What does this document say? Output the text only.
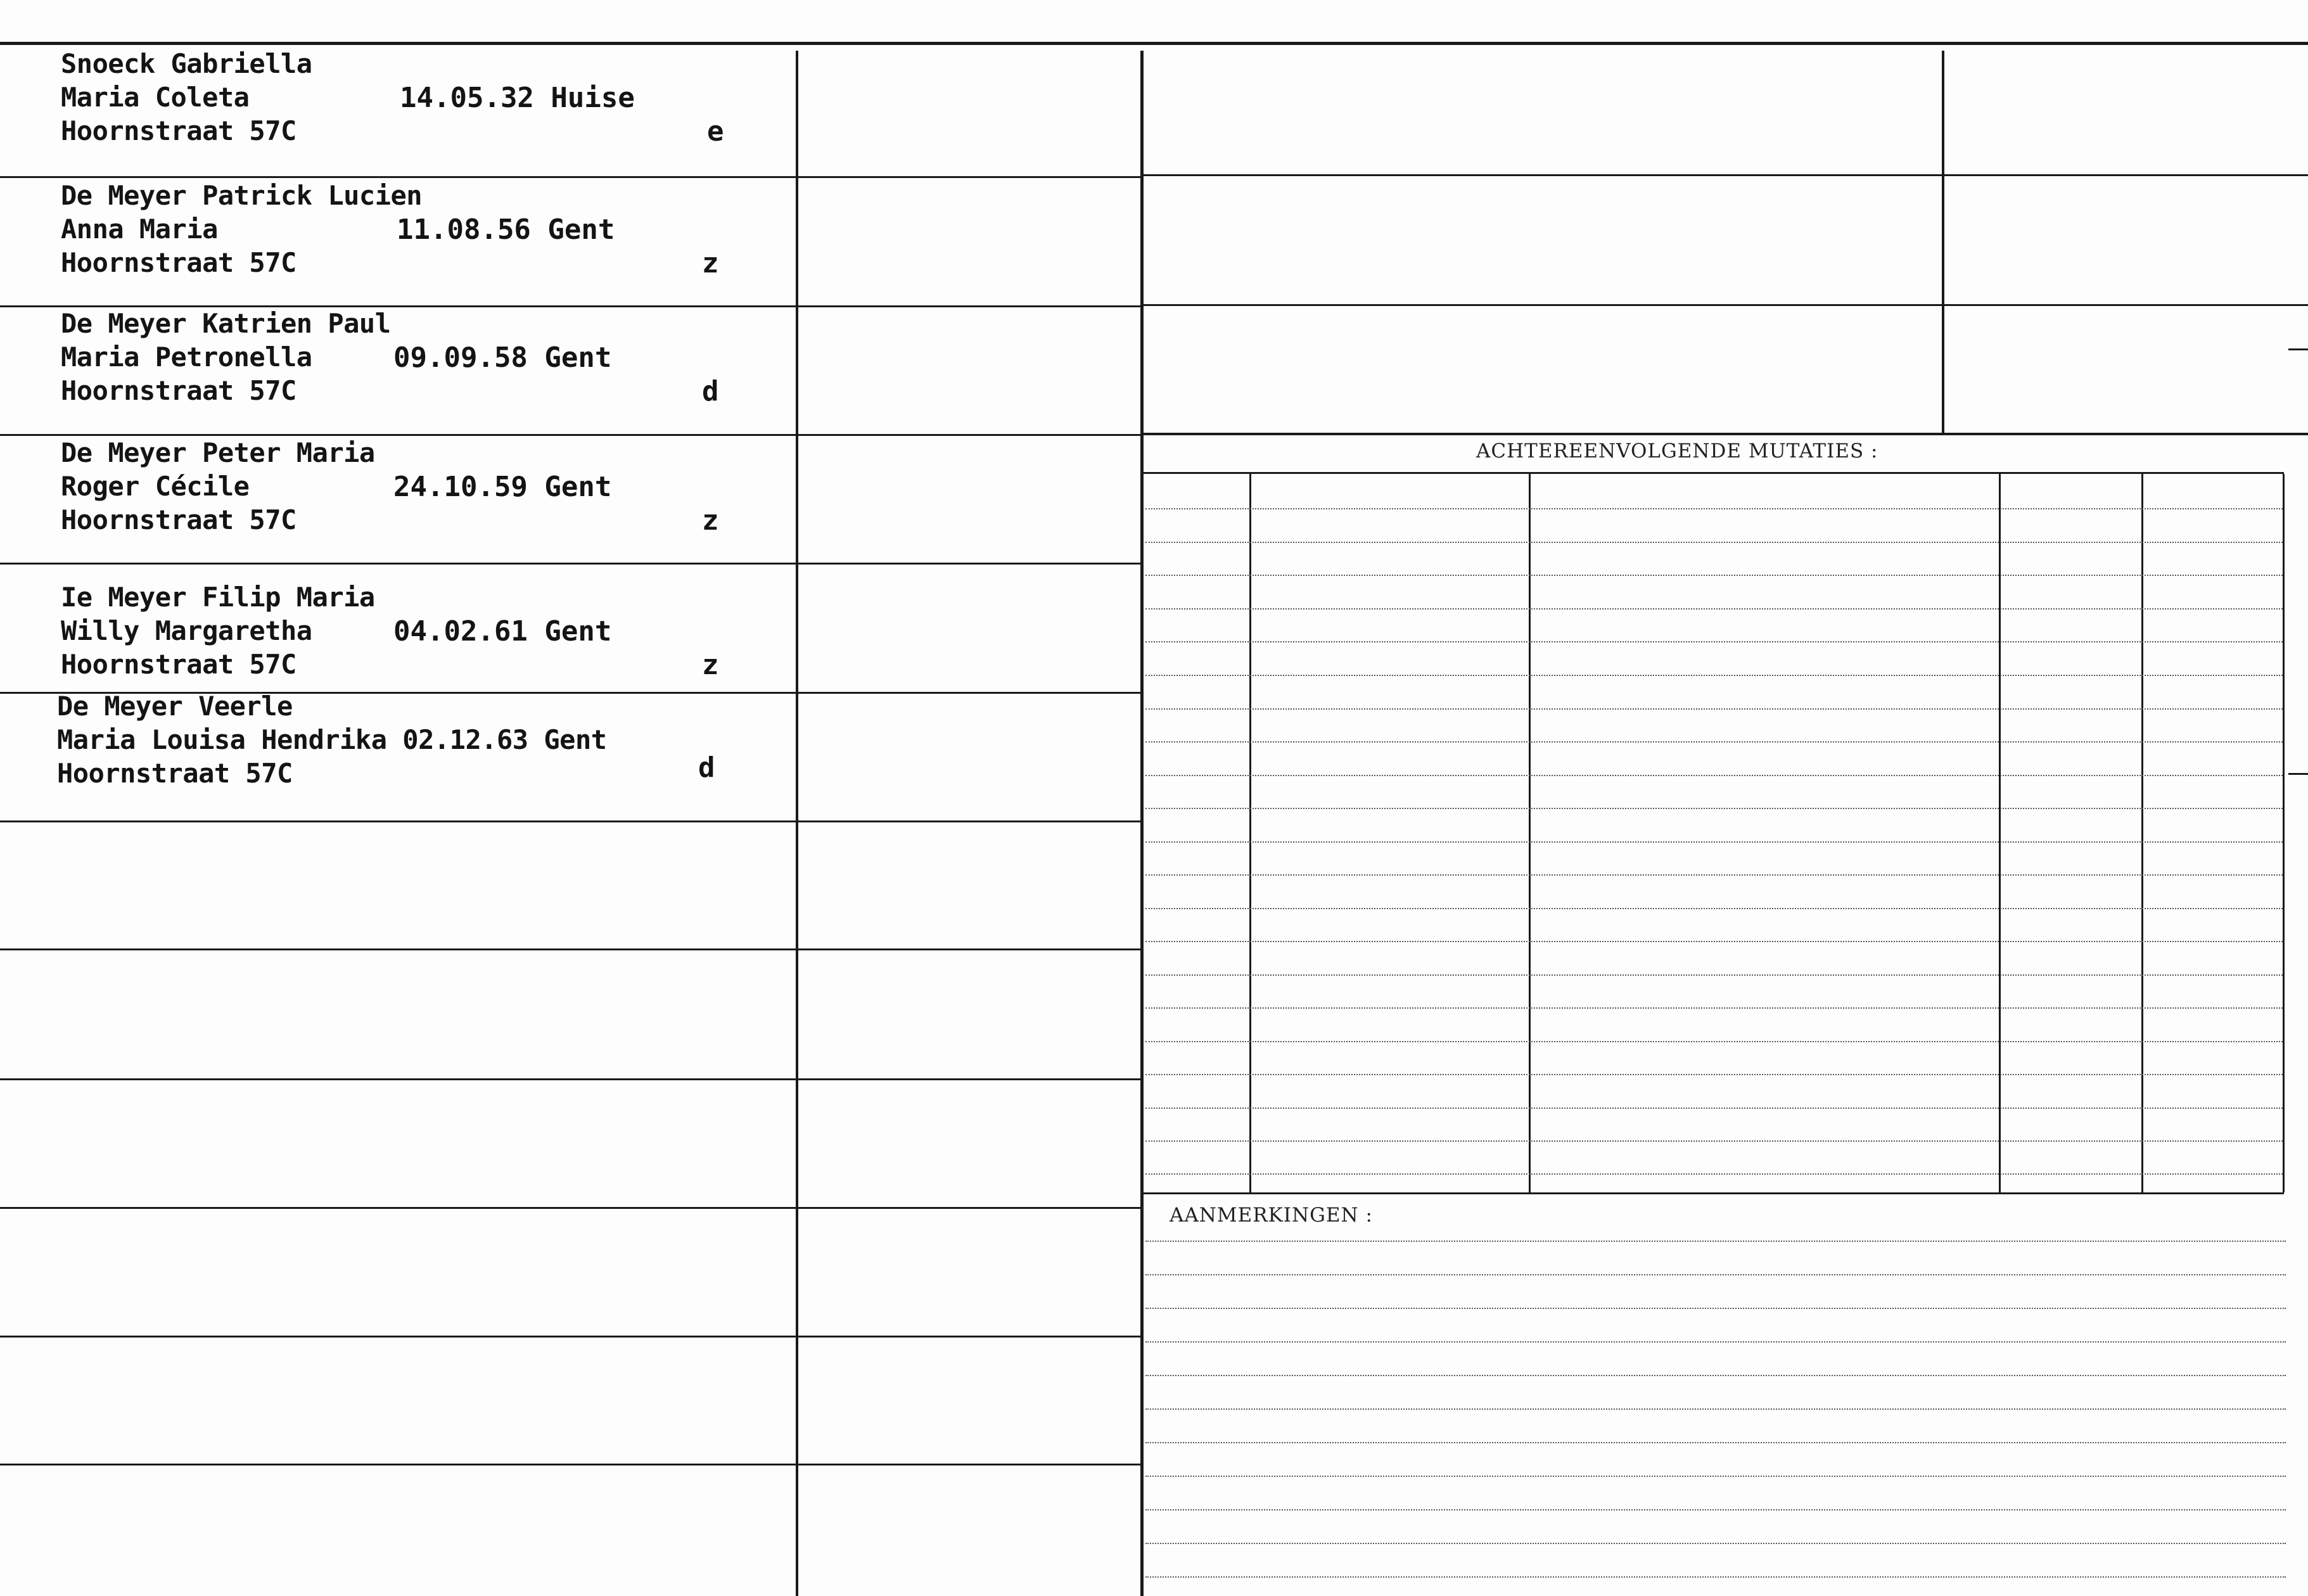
ACHTEREENVOLGENDE MUTATIES :
AANMERKINGEN :
Snoeck Gabriella
Maria Coleta	14.05.32 Huise
Hoornstraat 57C	e
De Meyer Patrick Lucien
Anna Maria	11.08.56 Gent
Hoornstraat 57C	z
De Meyer Katrien Paul
Maria Petronella	09.09.58 Gent
Hoornstraat 57C	d
De Meyer Peter Maria
Roger Cécile	24.10.59 Gent
Hoornstraat 57C	z
Ie Meyer Filip Maria
Willy Margaretha	04.02.61 Gent
Hoornstraat 57C	z
De Meyer Veerle
Maria Louisa Hendrika 02.12.63 Gent
Hoornstraat 57C	d
